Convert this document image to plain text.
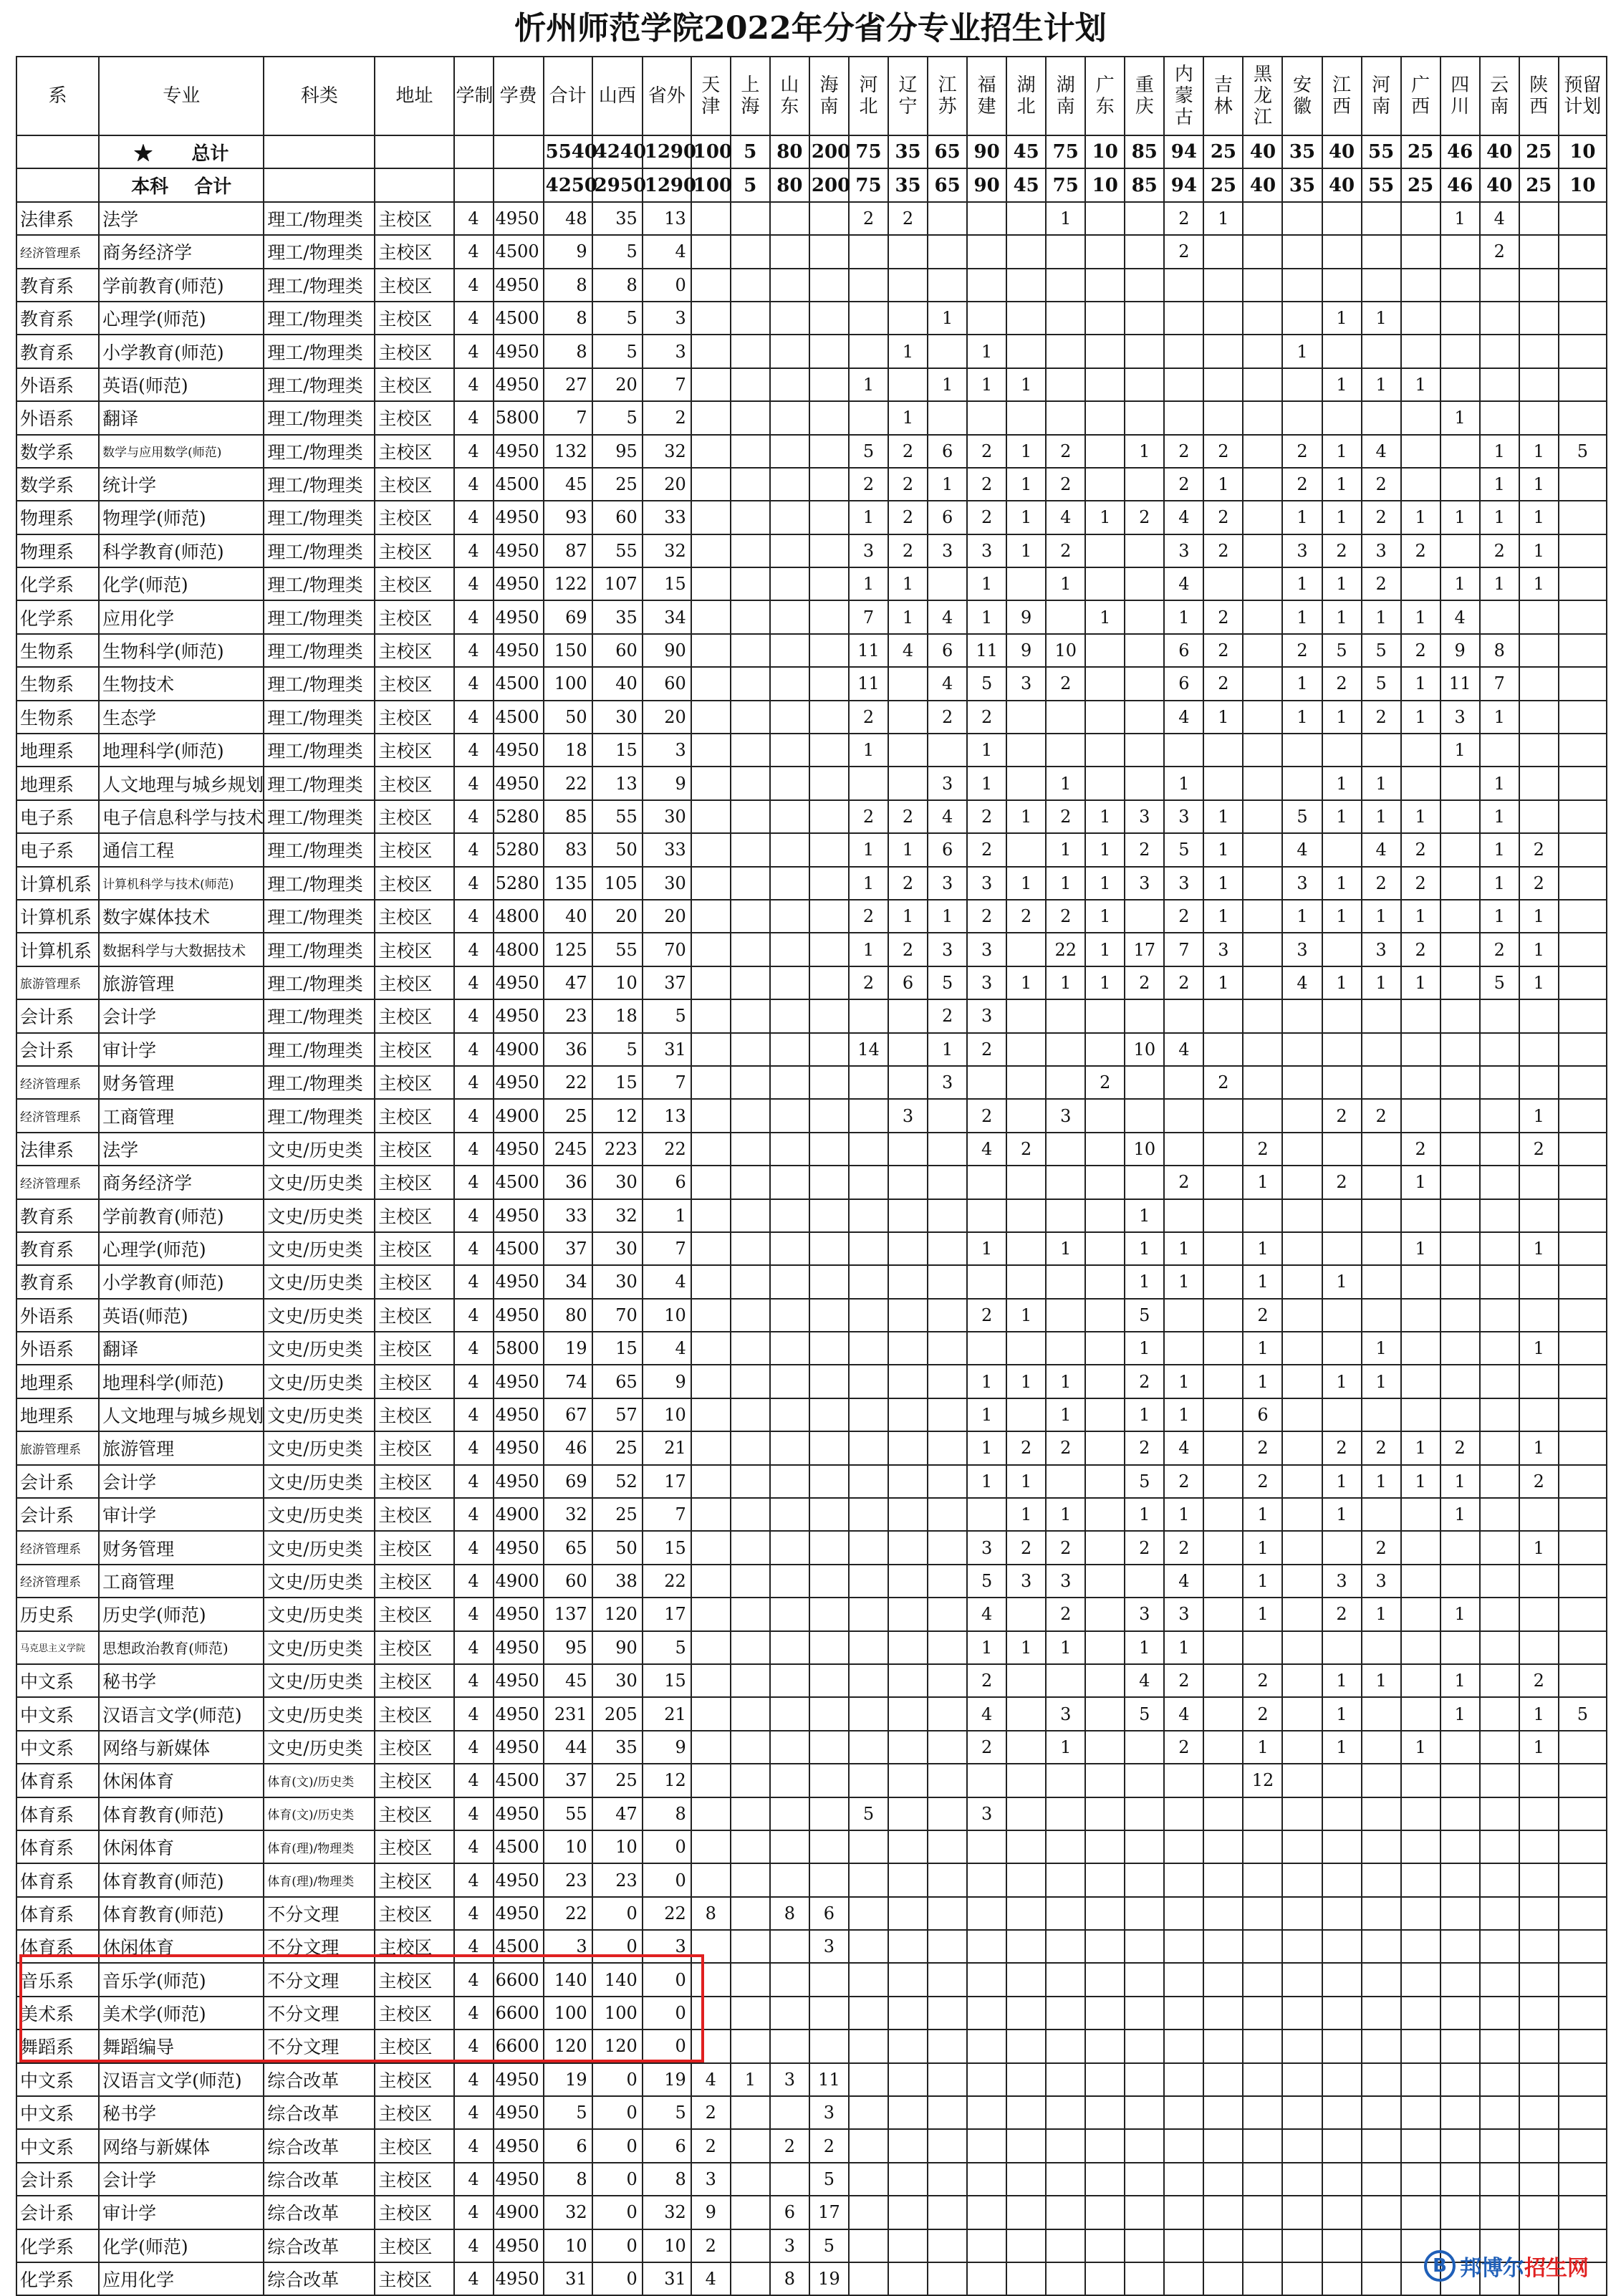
忻州师范学院2022年分省分专业招生计划
系	专业	科类	地址	学制	学费	合计	山西	省外	天津	上海	山东	海南	河北	辽宁	江苏	福建	湖北	湖南	广东	重庆	内蒙古	吉林	黑龙江	安徽	江西	河南	广西	四川	云南	陕西	预留计划
	★      总计					5540	4240	1290	100	5	80	200	75	35	65	90	45	75	10	85	94	25	40	35	40	55	25	46	40	25	10
	本科    合计					4250	2950	1290	100	5	80	200	75	35	65	90	45	75	10	85	94	25	40	35	40	55	25	46	40	25	10
法律系	法学	理工/物理类	主校区	4	4950	48	35	13					2	2				1			2	1						1	4		
经济管理系	商务经济学	理工/物理类	主校区	4	4500	9	5	4													2								2		
教育系	学前教育(师范)	理工/物理类	主校区	4	4950	8	8	0																							
教育系	心理学(师范)	理工/物理类	主校区	4	4500	8	5	3							1										1	1					
教育系	小学教育(师范)	理工/物理类	主校区	4	4950	8	5	3						1		1								1							
外语系	英语(师范)	理工/物理类	主校区	4	4950	27	20	7					1		1	1	1								1	1	1				
外语系	翻译	理工/物理类	主校区	4	5800	7	5	2						1														1			
数学系	数学与应用数学(师范)	理工/物理类	主校区	4	4950	132	95	32					5	2	6	2	1	2		1	2	2		2	1	4			1	1	5
数学系	统计学	理工/物理类	主校区	4	4500	45	25	20					2	2	1	2	1	2			2	1		2	1	2			1	1	
物理系	物理学(师范)	理工/物理类	主校区	4	4950	93	60	33					1	2	6	2	1	4	1	2	4	2		1	1	2	1	1	1	1	
物理系	科学教育(师范)	理工/物理类	主校区	4	4950	87	55	32					3	2	3	3	1	2			3	2		3	2	3	2		2	1	
化学系	化学(师范)	理工/物理类	主校区	4	4950	122	107	15					1	1		1		1			4			1	1	2		1	1	1	
化学系	应用化学	理工/物理类	主校区	4	4950	69	35	34					7	1	4	1	9		1		1	2		1	1	1	1	4			
生物系	生物科学(师范)	理工/物理类	主校区	4	4950	150	60	90					11	4	6	11	9	10			6	2		2	5	5	2	9	8		
生物系	生物技术	理工/物理类	主校区	4	4500	100	40	60					11		4	5	3	2			6	2		1	2	5	1	11	7		
生物系	生态学	理工/物理类	主校区	4	4500	50	30	20					2		2	2					4	1		1	1	2	1	3	1		
地理系	地理科学(师范)	理工/物理类	主校区	4	4950	18	15	3					1			1												1			
地理系	人文地理与城乡规划	理工/物理类	主校区	4	4950	22	13	9							3	1		1			1				1	1			1		
电子系	电子信息科学与技术	理工/物理类	主校区	4	5280	85	55	30					2	2	4	2	1	2	1	3	3	1		5	1	1	1		1		
电子系	通信工程	理工/物理类	主校区	4	5280	83	50	33					1	1	6	2		1	1	2	5	1		4		4	2		1	2	
计算机系	计算机科学与技术(师范)	理工/物理类	主校区	4	5280	135	105	30					1	2	3	3	1	1	1	3	3	1		3	1	2	2		1	2	
计算机系	数字媒体技术	理工/物理类	主校区	4	4800	40	20	20					2	1	1	2	2	2	1		2	1		1	1	1	1		1	1	
计算机系	数据科学与大数据技术	理工/物理类	主校区	4	4800	125	55	70					1	2	3	3		22	1	17	7	3		3		3	2		2	1	
旅游管理系	旅游管理	理工/物理类	主校区	4	4950	47	10	37					2	6	5	3	1	1	1	2	2	1		4	1	1	1		5	1	
会计系	会计学	理工/物理类	主校区	4	4950	23	18	5							2	3															
会计系	审计学	理工/物理类	主校区	4	4900	36	5	31					14		1	2				10	4										
经济管理系	财务管理	理工/物理类	主校区	4	4950	22	15	7							3				2			2									
经济管理系	工商管理	理工/物理类	主校区	4	4900	25	12	13						3		2		3							2	2				1	
法律系	法学	文史/历史类	主校区	4	4950	245	223	22								4	2			10			2				2			2	
经济管理系	商务经济学	文史/历史类	主校区	4	4500	36	30	6													2		1		2		1				
教育系	学前教育(师范)	文史/历史类	主校区	4	4950	33	32	1												1											
教育系	心理学(师范)	文史/历史类	主校区	4	4500	37	30	7								1		1		1	1		1				1			1	
教育系	小学教育(师范)	文史/历史类	主校区	4	4950	34	30	4												1	1		1		1						
外语系	英语(师范)	文史/历史类	主校区	4	4950	80	70	10								2	1			5			2								
外语系	翻译	文史/历史类	主校区	4	5800	19	15	4												1			1			1				1	
地理系	地理科学(师范)	文史/历史类	主校区	4	4950	74	65	9								1	1	1		2	1		1		1	1					
地理系	人文地理与城乡规划	文史/历史类	主校区	4	4950	67	57	10								1		1		1	1		6								
旅游管理系	旅游管理	文史/历史类	主校区	4	4950	46	25	21								1	2	2		2	4		2		2	2	1	2		1	
会计系	会计学	文史/历史类	主校区	4	4950	69	52	17								1	1			5	2		2		1	1	1	1		2	
会计系	审计学	文史/历史类	主校区	4	4900	32	25	7									1	1		1	1		1		1			1			
经济管理系	财务管理	文史/历史类	主校区	4	4950	65	50	15								3	2	2		2	2		1			2				1	
经济管理系	工商管理	文史/历史类	主校区	4	4900	60	38	22								5	3	3			4		1		3	3					
历史系	历史学(师范)	文史/历史类	主校区	4	4950	137	120	17								4		2		3	3		1		2	1		1			
马克思主义学院	思想政治教育(师范)	文史/历史类	主校区	4	4950	95	90	5								1	1	1		1	1										
中文系	秘书学	文史/历史类	主校区	4	4950	45	30	15								2				4	2		2		1	1		1		2	
中文系	汉语言文学(师范)	文史/历史类	主校区	4	4950	231	205	21								4		3		5	4		2		1			1		1	5
中文系	网络与新媒体	文史/历史类	主校区	4	4950	44	35	9								2		1			2		1		1		1			1	
体育系	休闲体育	体育(文)/历史类	主校区	4	4500	37	25	12															12								
体育系	体育教育(师范)	体育(文)/历史类	主校区	4	4950	55	47	8					5			3															
体育系	休闲体育	体育(理)/物理类	主校区	4	4500	10	10	0																							
体育系	体育教育(师范)	体育(理)/物理类	主校区	4	4950	23	23	0																							
体育系	体育教育(师范)	不分文理	主校区	4	4950	22	0	22	8		8	6																			
体育系	休闲体育	不分文理	主校区	4	4500	3	0	3				3																			
音乐系	音乐学(师范)	不分文理	主校区	4	6600	140	140	0																							
美术系	美术学(师范)	不分文理	主校区	4	6600	100	100	0																							
舞蹈系	舞蹈编导	不分文理	主校区	4	6600	120	120	0																							
中文系	汉语言文学(师范)	综合改革	主校区	4	4950	19	0	19	4	1	3	11																			
中文系	秘书学	综合改革	主校区	4	4950	5	0	5	2			3																			
中文系	网络与新媒体	综合改革	主校区	4	4950	6	0	6	2		2	2																			
会计系	会计学	综合改革	主校区	4	4950	8	0	8	3			5																			
会计系	审计学	综合改革	主校区	4	4900	32	0	32	9		6	17																			
化学系	化学(师范)	综合改革	主校区	4	4950	10	0	10	2		3	5																			
化学系	应用化学	综合改革	主校区	4	4950	31	0	31	4		8	19																			
B 邦博尔招生网
